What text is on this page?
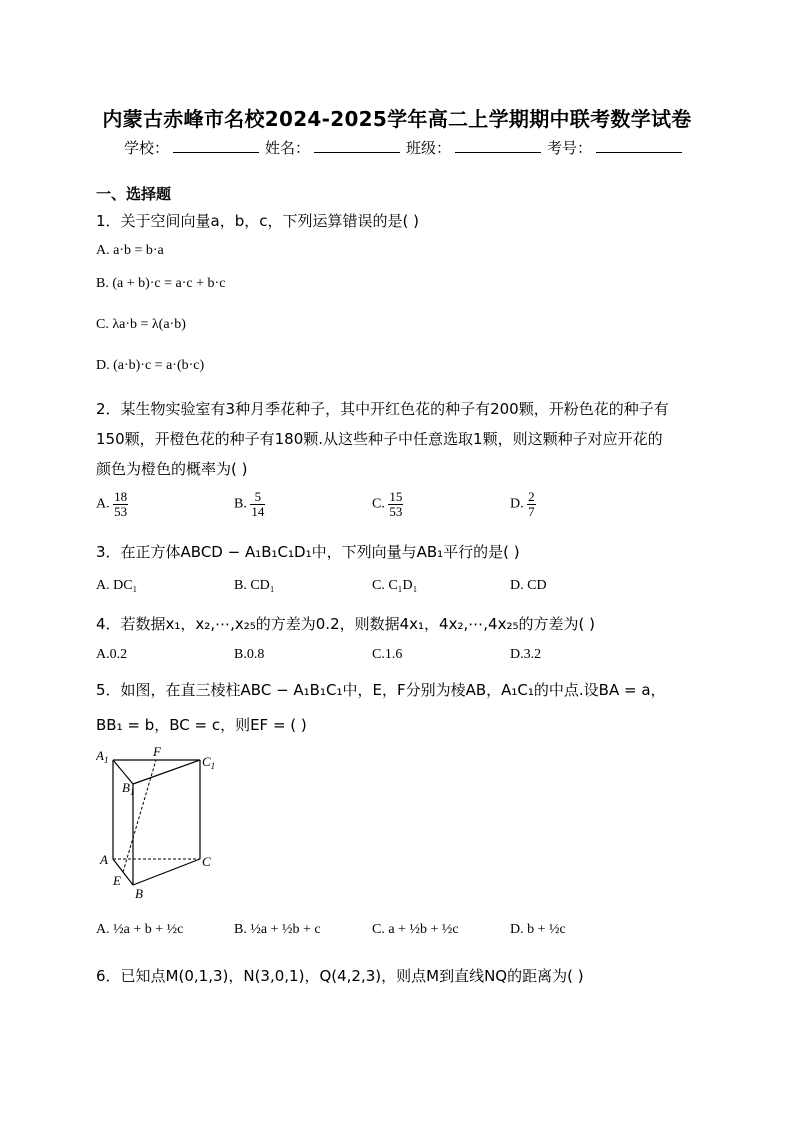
内蒙古赤峰市名校2024-2025学年高二上学期期中联考数学试卷
学校：	姓名：	班级：	考号：
一、选择题
1．关于空间向量a，b，c，下列运算错误的是( )
A. a·b = b·a
B. (a + b)·c = a·c + b·c
C. λa·b = λ(a·b)
D. (a·b)·c = a·(b·c)
2．某生物实验室有3种月季花种子，其中开红色花的种子有200颗，开粉色花的种子有
150颗，开橙色花的种子有180颗.从这些种子中任意选取1颗，则这颗种子对应开花的
颜色为橙色的概率为( )
A. $\frac{18}{53}$	B. $\frac{5}{14}$	C. $\frac{15}{53}$	D. $\frac{2}{7}$
3．在正方体ABCD − A₁B₁C₁D₁中，下列向量与AB₁平行的是( )
A. DC₁	B. CD₁	C. C₁D₁	D. CD
4．若数据x₁，x₂,⋯,x₂₅的方差为0.2，则数据4x₁，4x₂,⋯,4x₂₅的方差为( )
A.0.2	B.0.8	C.1.6	D.3.2
5．如图，在直三棱柱ABC − A₁B₁C₁中，E，F分别为棱AB，A₁C₁的中点.设BA = a，
BB₁ = b，BC = c，则EF = ( )
$A_1$
F
$C_1$
$B_1$
A	C
E
B
A. ½a + b + ½c	B. ½a + ½b + c	C. a + ½b + ½c	D. b + ½c
6．已知点M(0,1,3)，N(3,0,1)，Q(4,2,3)，则点M到直线NQ的距离为( )
